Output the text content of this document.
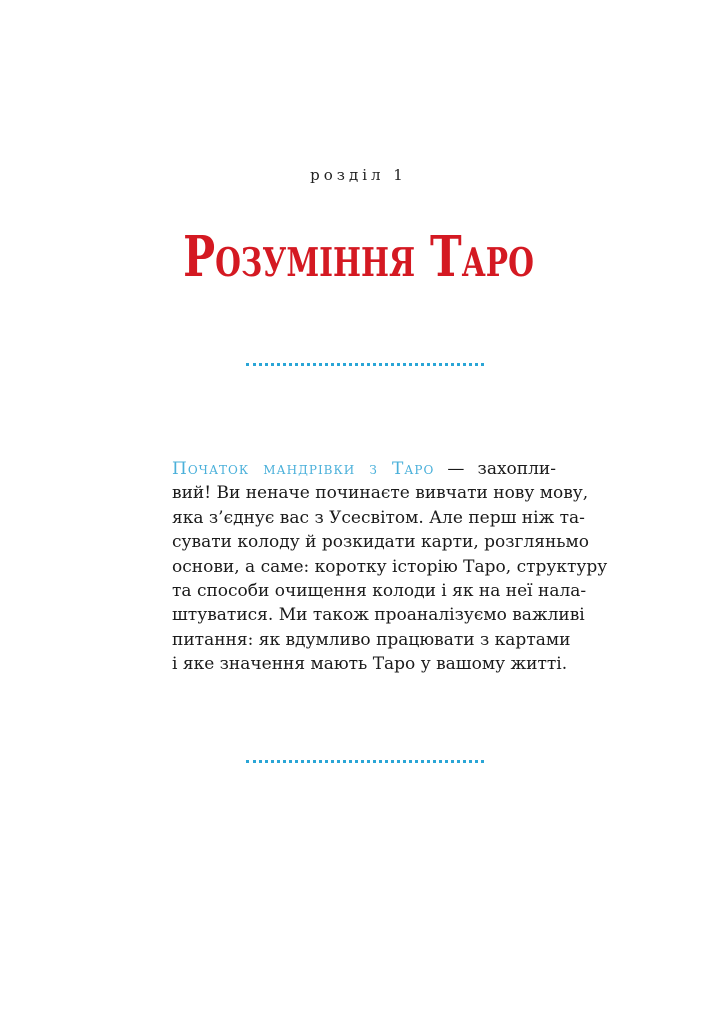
розділ 1
Розуміння Таро
Початок мандрівки з Таро — захопли-
вий! Ви неначе починаєте вивчати нову мову,
яка з’єднує вас з Усесвітом. Але перш ніж та-
сувати колоду й розкидати карти, розгляньмо
основи, а саме: коротку історію Таро, структуру
та способи очищення колоди і як на неї нала-
штуватися. Ми також проаналізуємо важливі
питання: як вдумливо працювати з картами
і яке значення мають Таро у вашому житті.
